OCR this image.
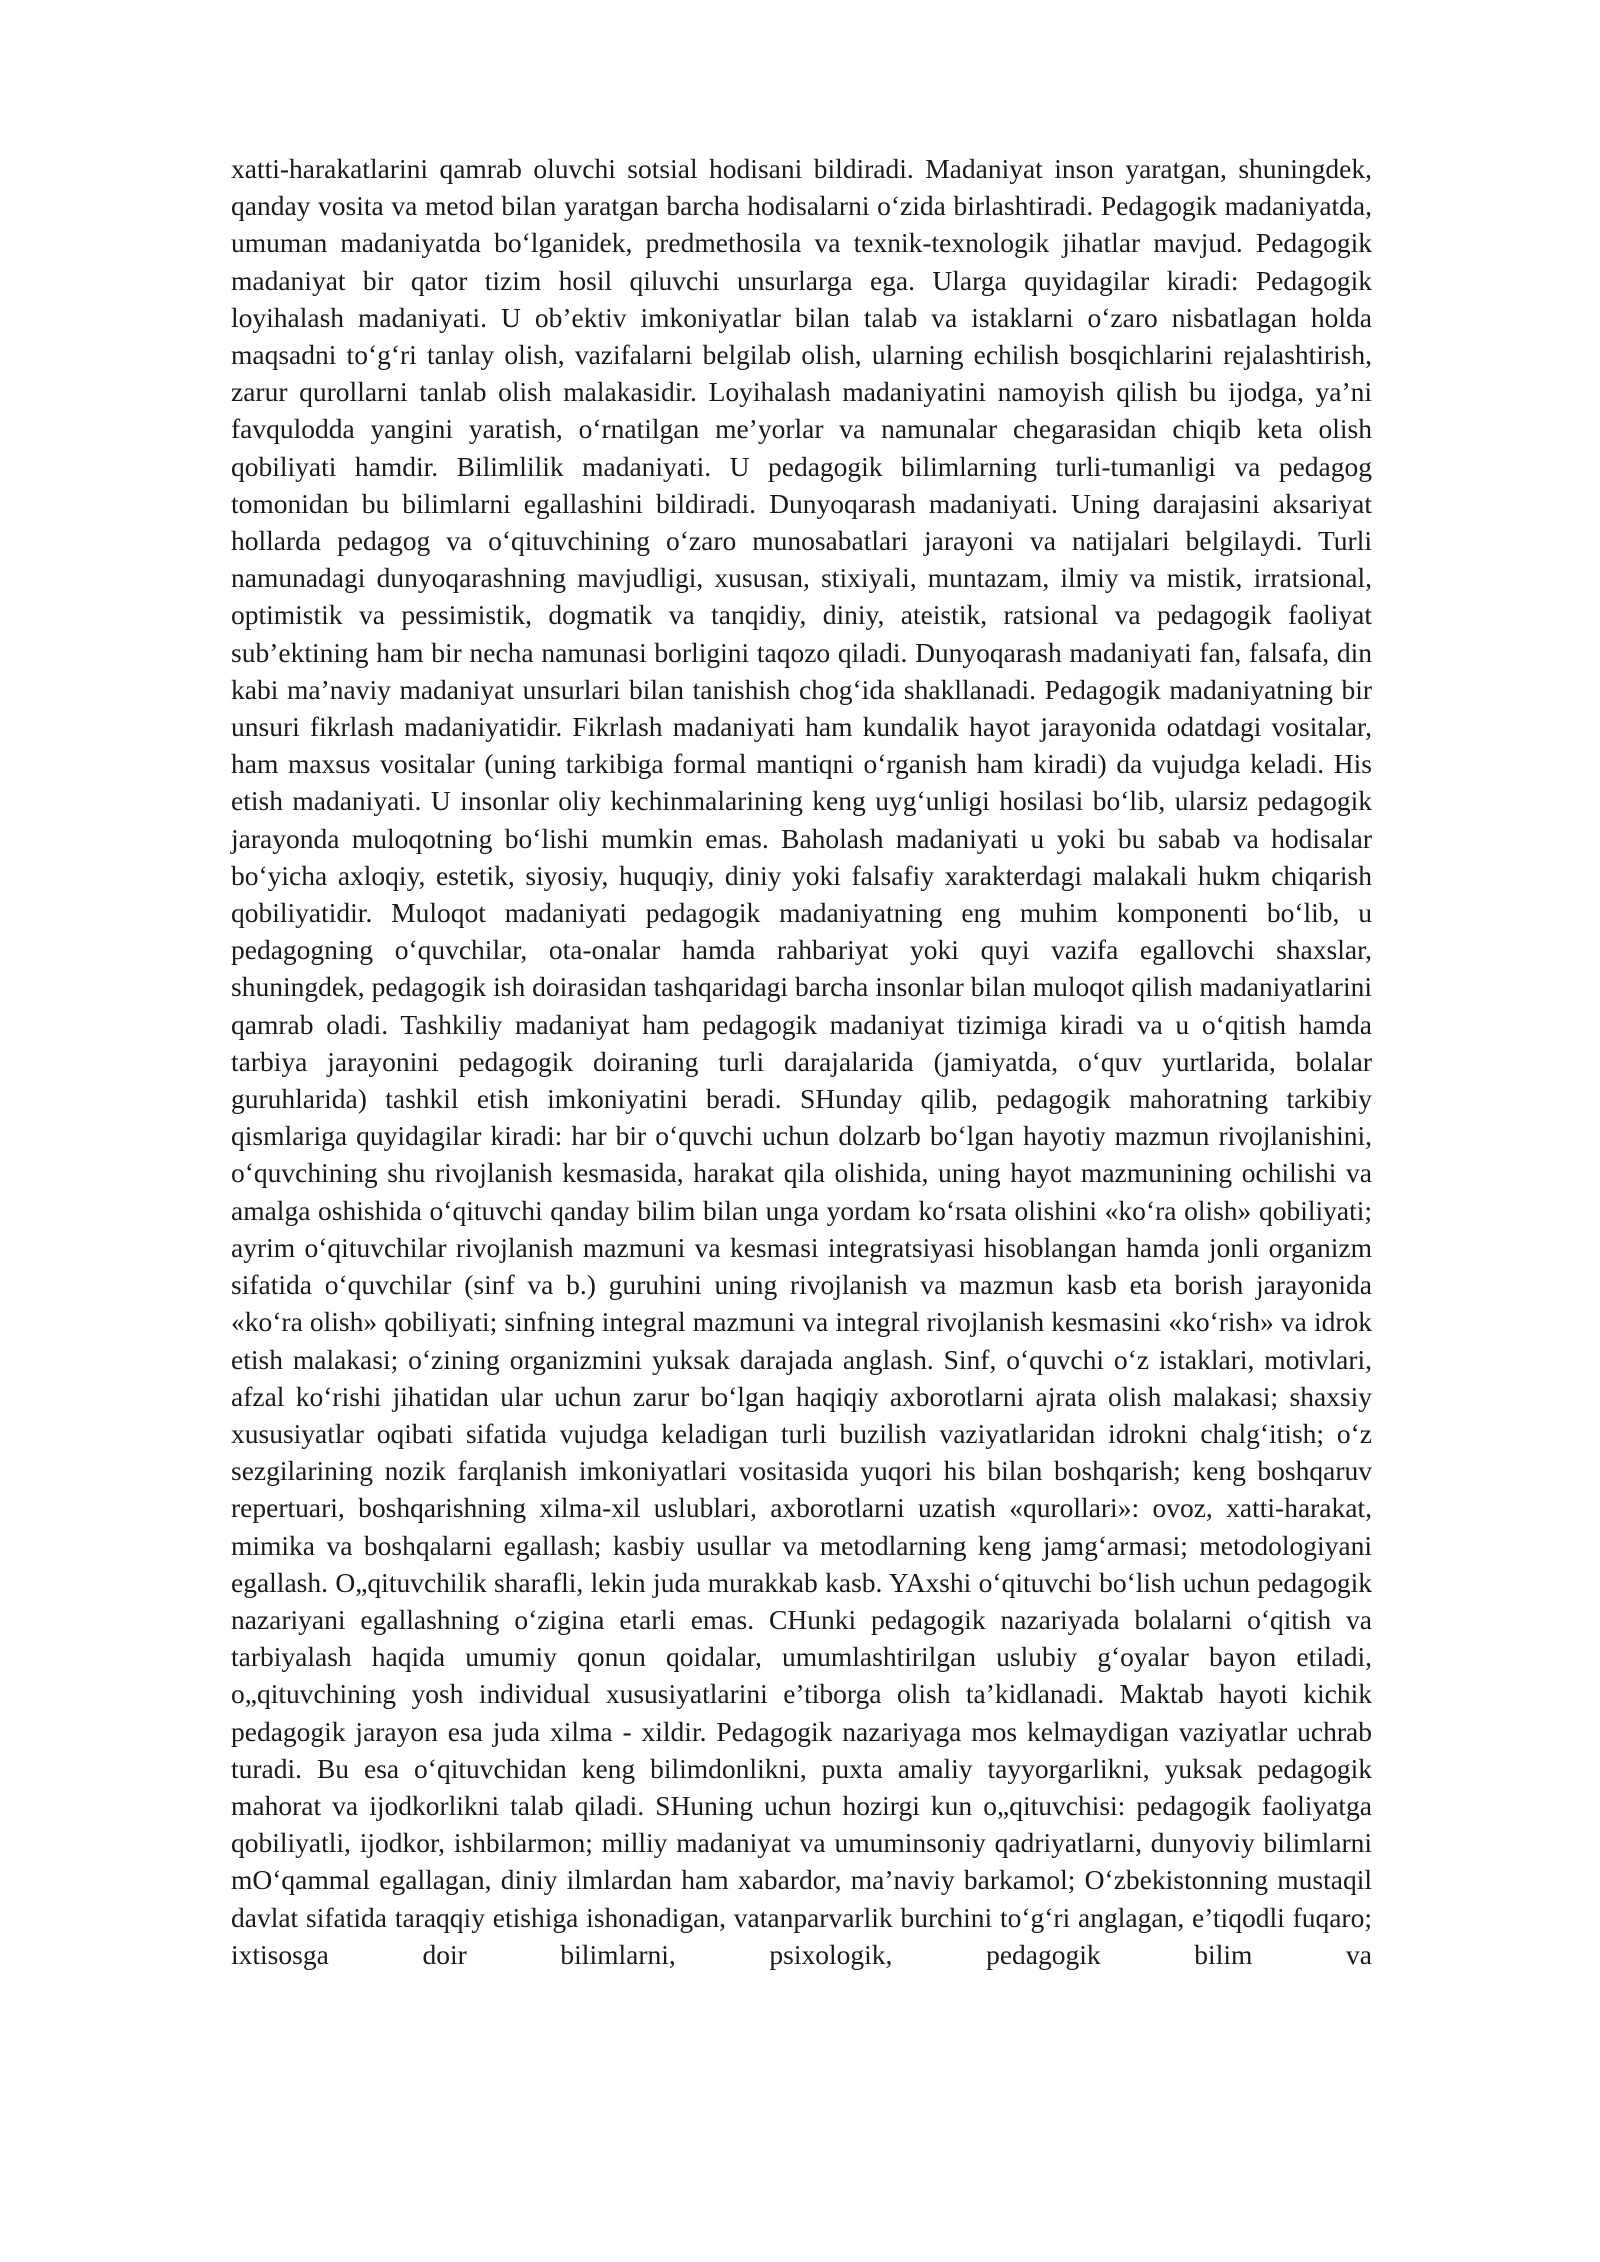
xatti-harakatlarini qamrab oluvchi sotsial hodisani bildiradi. Madaniyat inson yaratgan, shuningdek, qanday vosita va metod bilan yaratgan barcha hodisalarni o‘zida birlashtiradi. Pedagogik madaniyatda, umuman madaniyatda bo‘lganidek, predmethosila va texnik-texnologik jihatlar mavjud. Pedagogik madaniyat bir qator tizim hosil qiluvchi unsurlarga ega. Ularga quyidagilar kiradi: Pedagogik loyihalash madaniyati. U ob’ektiv imkoniyatlar bilan talab va istaklarni o‘zaro nisbatlagan holda maqsadni to‘g‘ri tanlay olish, vazifalarni belgilab olish, ularning echilish bosqichlarini rejalashtirish, zarur qurollarni tanlab olish malakasidir. Loyihalash madaniyatini namoyish qilish bu ijodga, ya’ni favqulodda yangini yaratish, o‘rnatilgan me’yorlar va namunalar chegarasidan chiqib keta olish qobiliyati hamdir. Bilimlilik madaniyati. U pedagogik bilimlarning turli-tumanligi va pedagog tomonidan bu bilimlarni egallashini bildiradi. Dunyoqarash madaniyati. Uning darajasini aksariyat hollarda pedagog va o‘qituvchining o‘zaro munosabatlari jarayoni va natijalari belgilaydi. Turli namunadagi dunyoqarashning mavjudligi, xususan, stixiyali, muntazam, ilmiy va mistik, irratsional, optimistik va pessimistik, dogmatik va tanqidiy, diniy, ateistik, ratsional va pedagogik faoliyat sub’ektining ham bir necha namunasi borligini taqozo qiladi. Dunyoqarash madaniyati fan, falsafa, din kabi ma’naviy madaniyat unsurlari bilan tanishish chog‘ida shakllanadi. Pedagogik madaniyatning bir unsuri fikrlash madaniyatidir. Fikrlash madaniyati ham kundalik hayot jarayonida odatdagi vositalar, ham maxsus vositalar (uning tarkibiga formal mantiqni o‘rganish ham kiradi) da vujudga keladi. His etish madaniyati. U insonlar oliy kechinmalarining keng uyg‘unligi hosilasi bo‘lib, ularsiz pedagogik jarayonda muloqotning bo‘lishi mumkin emas. Baholash madaniyati u yoki bu sabab va hodisalar bo‘yicha axloqiy, estetik, siyosiy, huquqiy, diniy yoki falsafiy xarakterdagi malakali hukm chiqarish qobiliyatidir. Muloqot madaniyati pedagogik madaniyatning eng muhim komponenti bo‘lib, u pedagogning o‘quvchilar, ota-onalar hamda rahbariyat yoki quyi vazifa egallovchi shaxslar, shuningdek, pedagogik ish doirasidan tashqaridagi barcha insonlar bilan muloqot qilish madaniyatlarini qamrab oladi. Tashkiliy madaniyat ham pedagogik madaniyat tizimiga kiradi va u o‘qitish hamda tarbiya jarayonini pedagogik doiraning turli darajalarida (jamiyatda, o‘quv yurtlarida, bolalar guruhlarida) tashkil etish imkoniyatini beradi. SHunday qilib, pedagogik mahoratning tarkibiy qismlariga quyidagilar kiradi: har bir o‘quvchi uchun dolzarb bo‘lgan hayotiy mazmun rivojlanishini, o‘quvchining shu rivojlanish kesmasida, harakat qila olishida, uning hayot mazmunining ochilishi va amalga oshishida o‘qituvchi qanday bilim bilan unga yordam ko‘rsata olishini «ko‘ra olish» qobiliyati; ayrim o‘qituvchilar rivojlanish mazmuni va kesmasi integratsiyasi hisoblangan hamda jonli organizm sifatida o‘quvchilar (sinf va b.) guruhini uning rivojlanish va mazmun kasb eta borish jarayonida «ko‘ra olish» qobiliyati; sinfning integral mazmuni va integral rivojlanish kesmasini «ko‘rish» va idrok etish malakasi; o‘zining organizmini yuksak darajada anglash. Sinf, o‘quvchi o‘z istaklari, motivlari, afzal ko‘rishi jihatidan ular uchun zarur bo‘lgan haqiqiy axborotlarni ajrata olish malakasi; shaxsiy xususiyatlar oqibati sifatida vujudga keladigan turli buzilish vaziyatlaridan idrokni chalg‘itish; o‘z sezgilarining nozik farqlanish imkoniyatlari vositasida yuqori his bilan boshqarish; keng boshqaruv repertuari, boshqarishning xilma-xil uslublari, axborotlarni uzatish «qurollari»: ovoz, xatti-harakat, mimika va boshqalarni egallash; kasbiy usullar va metodlarning keng jamg‘armasi; metodologiyani egallash. O„qituvchilik sharafli, lekin juda murakkab kasb. YAxshi o‘qituvchi bo‘lish uchun pedagogik nazariyani egallashning o‘zigina etarli emas. CHunki pedagogik nazariyada bolalarni o‘qitish va tarbiyalash haqida umumiy qonun qoidalar, umumlashtirilgan uslubiy g‘oyalar bayon etiladi, o„qituvchining yosh individual xususiyatlarini e’tiborga olish ta’kidlanadi. Maktab hayoti kichik pedagogik jarayon esa juda xilma - xildir. Pedagogik nazariyaga mos kelmaydigan vaziyatlar uchrab turadi. Bu esa o‘qituvchidan keng bilimdonlikni, puxta amaliy tayyorgarlikni, yuksak pedagogik mahorat va ijodkorlikni talab qiladi. SHuning uchun hozirgi kun o„qituvchisi: pedagogik faoliyatga qobiliyatli, ijodkor, ishbilarmon; milliy madaniyat va umuminsoniy qadriyatlarni, dunyoviy bilimlarni mO‘qammal egallagan, diniy ilmlardan ham xabardor, ma’naviy barkamol; O‘zbekistonning mustaqil davlat sifatida taraqqiy etishiga ishonadigan, vatanparvarlik burchini to‘g‘ri anglagan, e’tiqodli fuqaro; ixtisosga doir bilimlarni, psixologik, pedagogik bilim va
